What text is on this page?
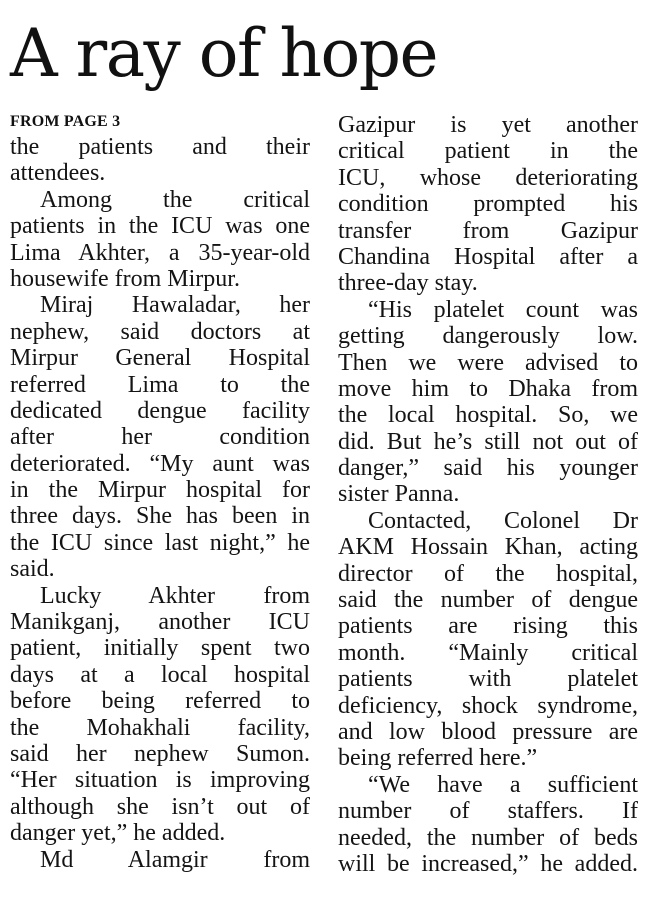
A ray of hope
FROM PAGE 3
the patients and their
attendees.
Among the critical
patients in the ICU was one
Lima Akhter, a 35-year-old
housewife from Mirpur.
Miraj Hawaladar, her
nephew, said doctors at
Mirpur General Hospital
referred Lima to the
dedicated dengue facility
after her condition
deteriorated. “My aunt was
in the Mirpur hospital for
three days. She has been in
the ICU since last night,” he
said.
Lucky Akhter from
Manikganj, another ICU
patient, initially spent two
days at a local hospital
before being referred to
the Mohakhali facility,
said her nephew Sumon.
“Her situation is improving
although she isn’t out of
danger yet,” he added.
Md Alamgir from
Gazipur is yet another
critical patient in the
ICU, whose deteriorating
condition prompted his
transfer from Gazipur
Chandina Hospital after a
three-day stay.
“His platelet count was
getting dangerously low.
Then we were advised to
move him to Dhaka from
the local hospital. So, we
did. But he’s still not out of
danger,” said his younger
sister Panna.
Contacted, Colonel Dr
AKM Hossain Khan, acting
director of the hospital,
said the number of dengue
patients are rising this
month. “Mainly critical
patients with platelet
deficiency, shock syndrome,
and low blood pressure are
being referred here.”
“We have a sufficient
number of staffers. If
needed, the number of beds
will be increased,” he added.
